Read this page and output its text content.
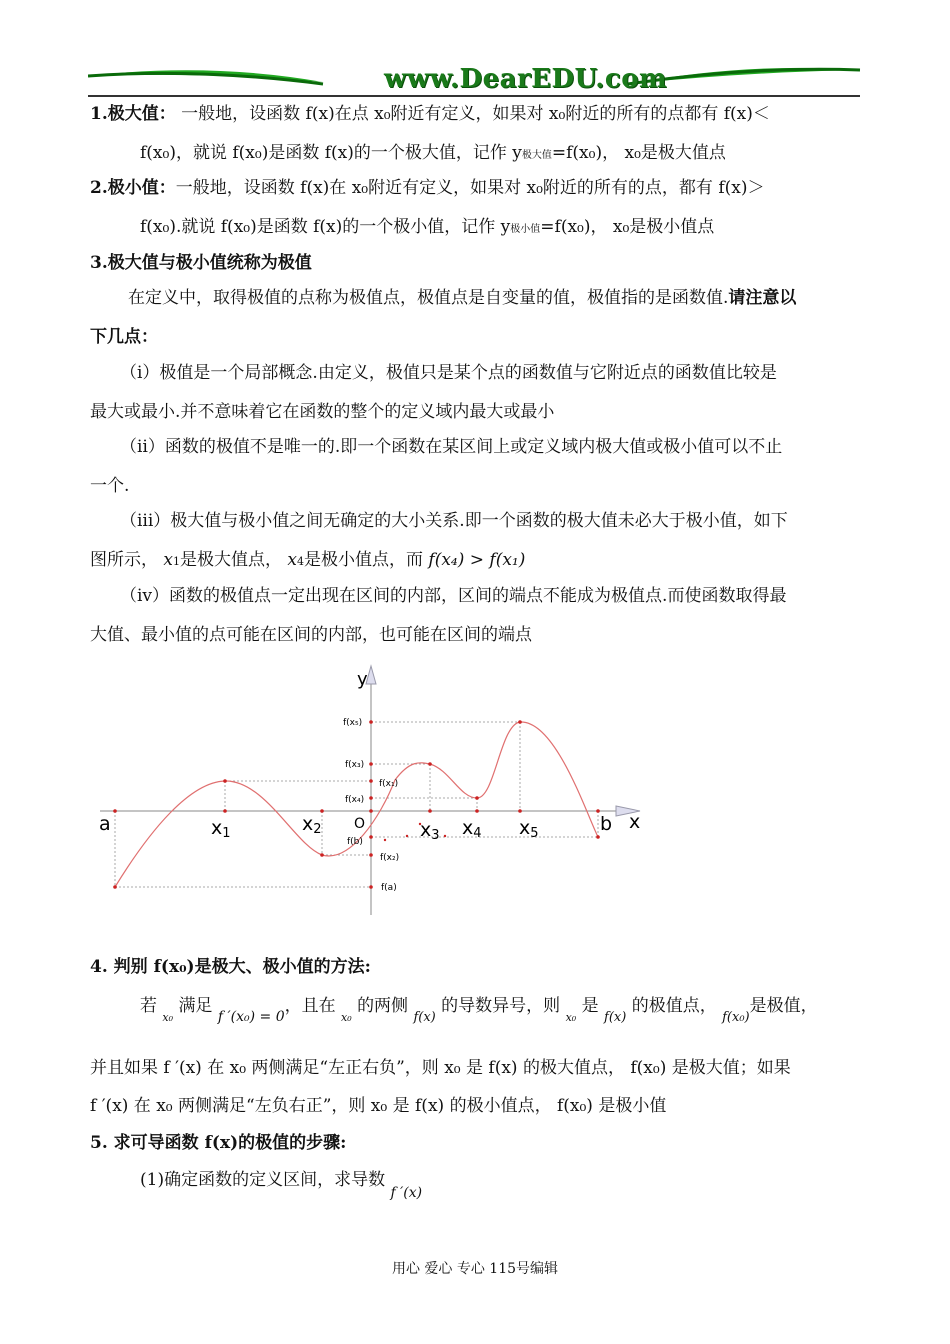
www.DearEDU.com
1.极大值： 一般地，设函数 f(x)在点 x₀附近有定义，如果对 x₀附近的所有的点都有 f(x)＜
f(x₀)，就说 f(x₀)是函数 f(x)的一个极大值，记作 y极大值=f(x₀)， x₀是极大值点
2.极小值：一般地，设函数 f(x)在 x₀附近有定义，如果对 x₀附近的所有的点，都有 f(x)＞
f(x₀).就说 f(x₀)是函数 f(x)的一个极小值，记作 y极小值=f(x₀)， x₀是极小值点
3.极大值与极小值统称为极值
在定义中，取得极值的点称为极值点，极值点是自变量的值，极值指的是函数值.请注意以
下几点：
（ⅰ）极值是一个局部概念.由定义，极值只是某个点的函数值与它附近点的函数值比较是
最大或最小.并不意味着它在函数的整个的定义域内最大或最小
（ⅱ）函数的极值不是唯一的.即一个函数在某区间上或定义域内极大值或极小值可以不止
一个.
（ⅲ）极大值与极小值之间无确定的大小关系.即一个函数的极大值未必大于极小值，如下
图所示， x1是极大值点， x4是极小值点，而 f(x₄) > f(x₁)
（ⅳ）函数的极值点一定出现在区间的内部，区间的端点不能成为极值点.而使函数取得最
大值、最小值的点可能在区间的内部，也可能在区间的端点
y
x
a	b
x1	x2	x3 x4 x5
O
f(x₅)
f(x₃)
f(x₁)
f(x₄)
f(b)
f(x₂)
f(a)
4. 判别 f(x₀)是极大、极小值的方法:
若 $_{x_0}$ 满足 $_{f '(x_0) = 0}$，且在 $_{x_0}$ 的两侧 $_{f(x)}$ 的导数异号，则 $_{x_0}$ 是 $_{f(x)}$ 的极值点， $_{f(x_0)}$是极值，
并且如果 f ′(x) 在 x₀ 两侧满足“左正右负”，则 x₀ 是 f(x) 的极大值点， f(x₀) 是极大值；如果
f ′(x) 在 x₀ 两侧满足“左负右正”，则 x₀ 是 f(x) 的极小值点， f(x₀) 是极小值
5. 求可导函数 f(x)的极值的步骤:
(1)确定函数的定义区间，求导数 $_{f '(x)}$
用心 爱心 专心 115号编辑
